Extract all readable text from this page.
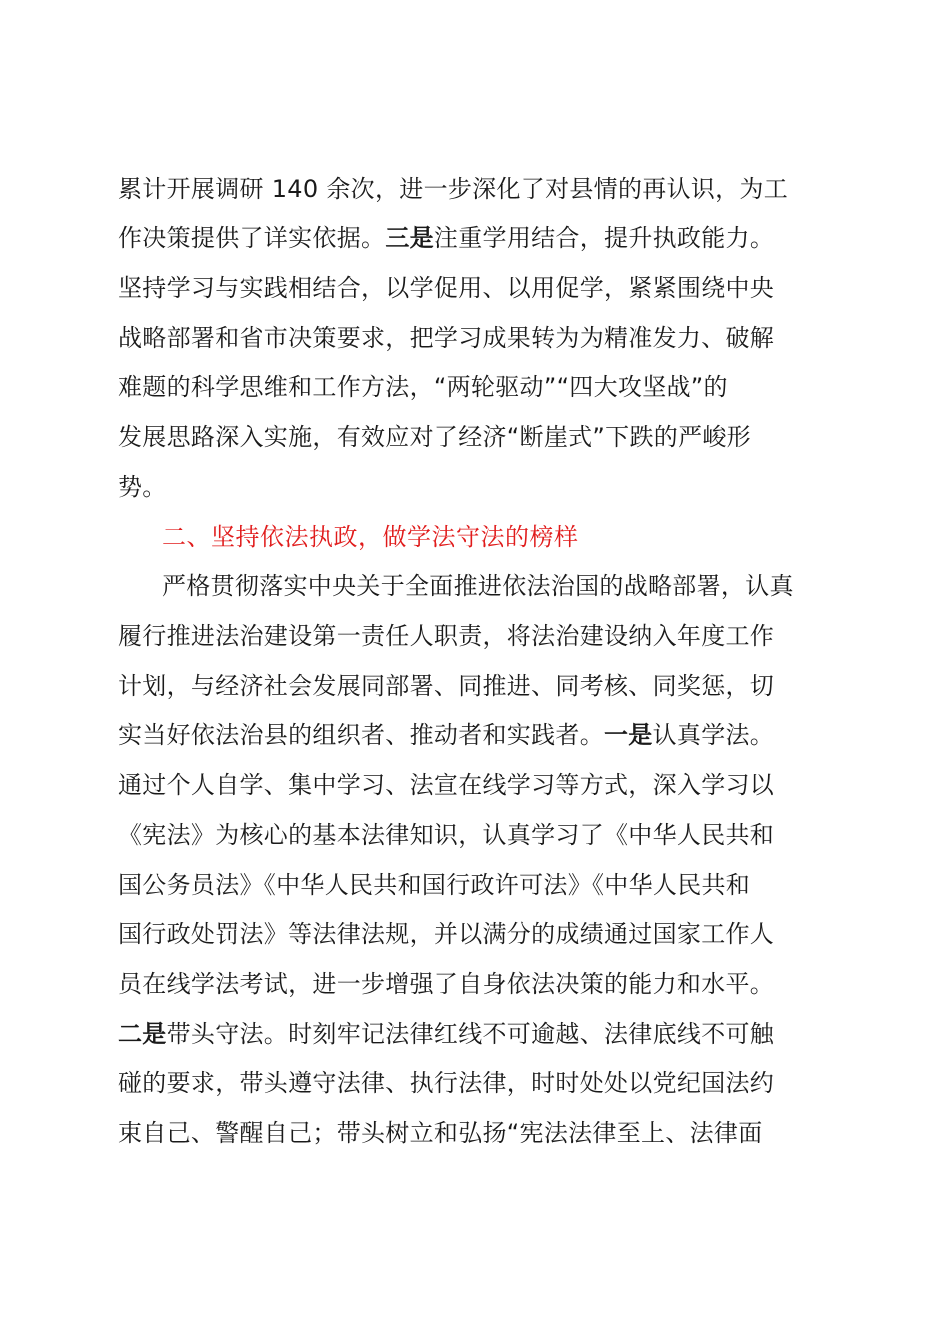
累计开展调研 140 余次，进一步深化了对县情的再认识，为工
作决策提供了详实依据。三是注重学用结合，提升执政能力。
坚持学习与实践相结合，以学促用、以用促学，紧紧围绕中央
战略部署和省市决策要求，把学习成果转为为精准发力、破解
难题的科学思维和工作方法，“两轮驱动”“四大攻坚战”的
发展思路深入实施，有效应对了经济“断崖式”下跌的严峻形
势。
二、坚持依法执政，做学法守法的榜样
严格贯彻落实中央关于全面推进依法治国的战略部署，认真
履行推进法治建设第一责任人职责，将法治建设纳入年度工作
计划，与经济社会发展同部署、同推进、同考核、同奖惩，切
实当好依法治县的组织者、推动者和实践者。一是认真学法。
通过个人自学、集中学习、法宣在线学习等方式，深入学习以
《宪法》为核心的基本法律知识，认真学习了《中华人民共和
国公务员法》《中华人民共和国行政许可法》《中华人民共和
国行政处罚法》等法律法规，并以满分的成绩通过国家工作人
员在线学法考试，进一步增强了自身依法决策的能力和水平。
二是带头守法。时刻牢记法律红线不可逾越、法律底线不可触
碰的要求，带头遵守法律、执行法律，时时处处以党纪国法约
束自己、警醒自己；带头树立和弘扬“宪法法律至上、法律面
